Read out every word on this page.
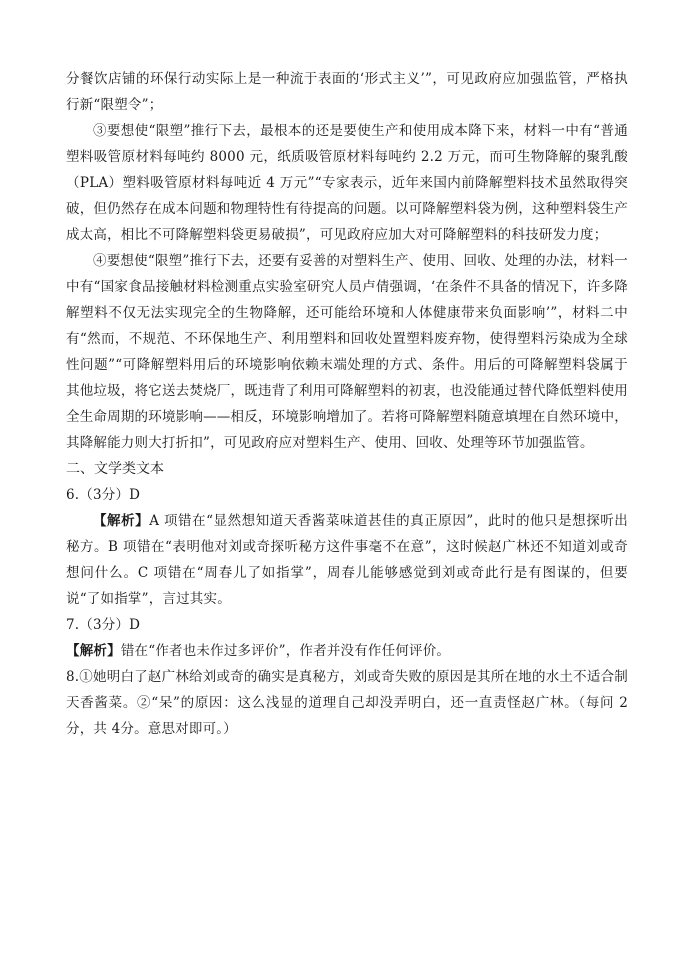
分餐饮店铺的环保行动实际上是一种流于表面的‘形式主义’”，可见政府应加强监管，严格执行新“限塑令”；

③要想使“限塑”推行下去，最根本的还是要使生产和使用成本降下来，材料一中有“普通塑料吸管原材料每吨约 8000 元，纸质吸管原材料每吨约 2.2 万元，而可生物降解的聚乳酸（PLA）塑料吸管原材料每吨近 4 万元”“专家表示，近年来国内前降解塑料技术虽然取得突破，但仍然存在成本问题和物理特性有待提高的问题。以可降解塑料袋为例，这种塑料袋生产成太高，相比不可降解塑料袋更易破损”，可见政府应加大对可降解塑料的科技研发力度；

④要想使“限塑”推行下去，还要有妥善的对塑料生产、使用、回收、处理的办法，材料一中有“国家食品接触材料检测重点实验室研究人员卢倩强调，‘在条件不具备的情况下，许多降解塑料不仅无法实现完全的生物降解，还可能给环境和人体健康带来负面影响’”，材料二中有“然而，不规范、不环保地生产、利用塑料和回收处置塑料废弃物，使得塑料污染成为全球性问题”“可降解塑料用后的环境影响依赖末端处理的方式、条件。用后的可降解塑料袋属于其他垃圾，将它送去焚烧厂，既违背了利用可降解塑料的初衷，也没能通过替代降低塑料使用全生命周期的环境影响——相反，环境影响增加了。若将可降解塑料随意填埋在自然环境中，其降解能力则大打折扣”，可见政府应对塑料生产、使用、回收、处理等环节加强监管。

二、文学类文本

6.（3分）D

【解析】A 项错在“显然想知道天香酱菜味道甚佳的真正原因”，此时的他只是想探听出秘方。B 项错在“表明他对刘或奇探听秘方这件事毫不在意”，这时候赵广林还不知道刘或奇想问什么。C 项错在“周春儿了如指掌”，周春儿能够感觉到刘或奇此行是有图谋的，但要说“了如指掌”，言过其实。

7.（3分）D

【解析】错在“作者也未作过多评价”，作者并没有作任何评价。

8.①她明白了赵广林给刘或奇的确实是真秘方，刘或奇失败的原因是其所在地的水土不适合制天香酱菜。②“呆”的原因：这么浅显的道理自己却没弄明白，还一直责怪赵广林。（每问 2分，共 4分。意思对即可。）
